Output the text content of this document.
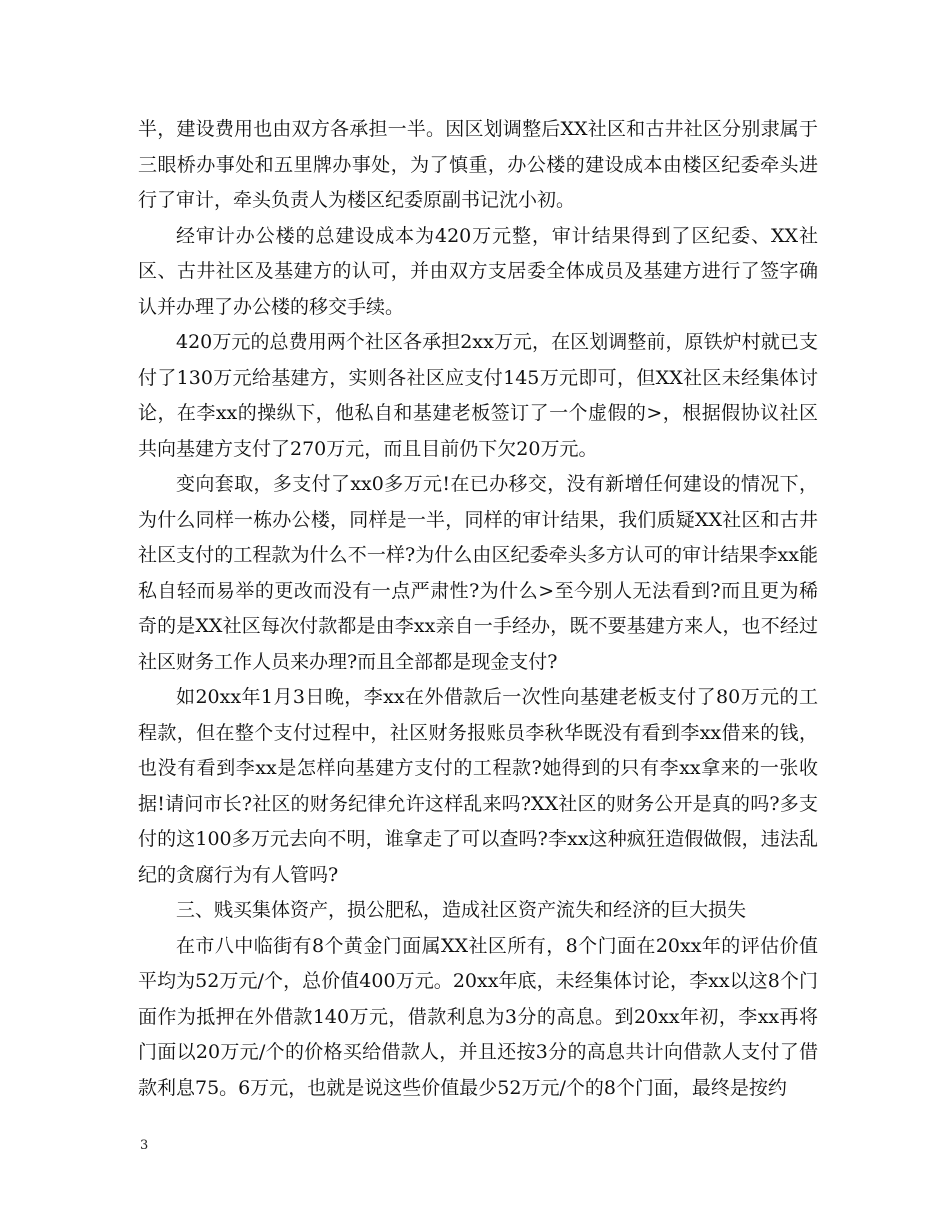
半，建设费用也由双方各承担一半。因区划调整后XX社区和古井社区分别隶属于三眼桥办事处和五里牌办事处，为了慎重，办公楼的建设成本由楼区纪委牵头进行了审计，牵头负责人为楼区纪委原副书记沈小初。

经审计办公楼的总建设成本为420万元整，审计结果得到了区纪委、XX社区、古井社区及基建方的认可，并由双方支居委全体成员及基建方进行了签字确认并办理了办公楼的移交手续。

420万元的总费用两个社区各承担2xx万元，在区划调整前，原铁炉村就已支付了130万元给基建方，实则各社区应支付145万元即可，但XX社区未经集体讨论，在李xx的操纵下，他私自和基建老板签订了一个虚假的>，根据假协议社区共向基建方支付了270万元，而且目前仍下欠20万元。

变向套取，多支付了xx0多万元!在已办移交，没有新增任何建设的情况下，为什么同样一栋办公楼，同样是一半，同样的审计结果，我们质疑XX社区和古井社区支付的工程款为什么不一样?为什么由区纪委牵头多方认可的审计结果李xx能私自轻而易举的更改而没有一点严肃性?为什么>至今别人无法看到?而且更为稀奇的是XX社区每次付款都是由李xx亲自一手经办，既不要基建方来人，也不经过社区财务工作人员来办理?而且全部都是现金支付?

如20xx年1月3日晚，李xx在外借款后一次性向基建老板支付了80万元的工程款，但在整个支付过程中，社区财务报账员李秋华既没有看到李xx借来的钱，也没有看到李xx是怎样向基建方支付的工程款?她得到的只有李xx拿来的一张收据!请问市长?社区的财务纪律允许这样乱来吗?XX社区的财务公开是真的吗?多支付的这100多万元去向不明，谁拿走了可以查吗?李xx这种疯狂造假做假，违法乱纪的贪腐行为有人管吗?

三、贱买集体资产，损公肥私，造成社区资产流失和经济的巨大损失

在市八中临街有8个黄金门面属XX社区所有，8个门面在20xx年的评估价值平均为52万元/个，总价值400万元。20xx年底，未经集体讨论，李xx以这8个门面作为抵押在外借款140万元，借款利息为3分的高息。到20xx年初，李xx再将门面以20万元/个的价格买给借款人，并且还按3分的高息共计向借款人支付了借款利息75。6万元，也就是说这些价值最少52万元/个的8个门面，最终是按约

3
